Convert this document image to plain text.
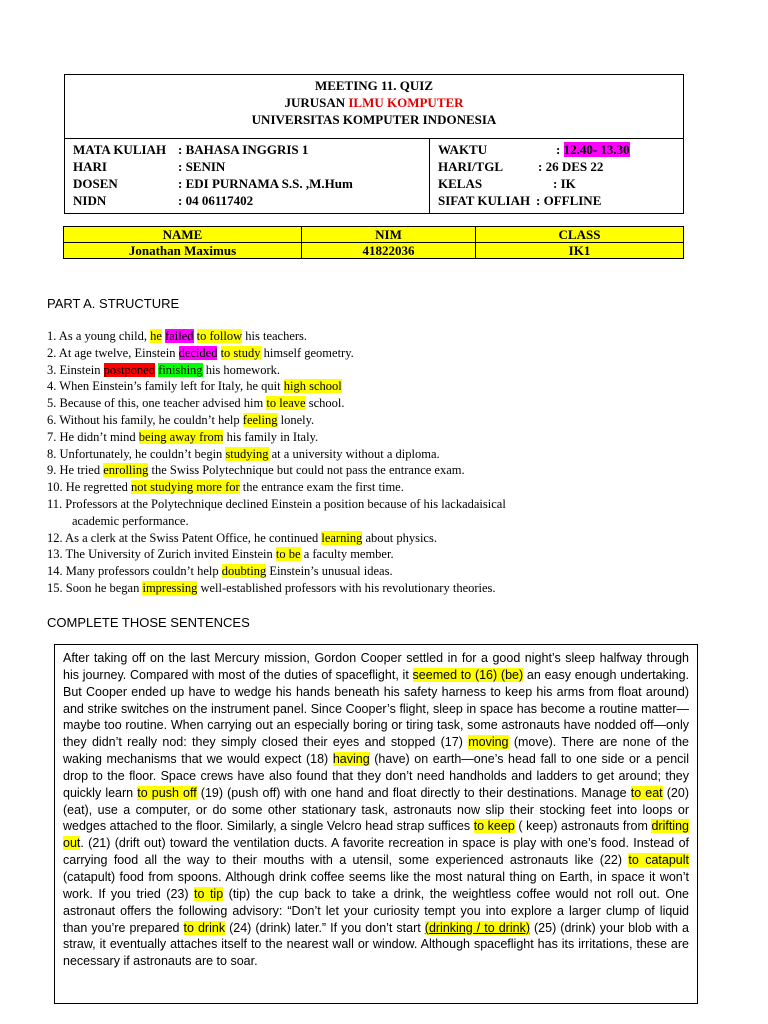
MEETING 11. QUIZ
JURUSAN ILMU KOMPUTER
UNIVERSITAS KOMPUTER INDONESIA
MATA KULIAH : BAHASA INGGRIS 1
HARI	: SENIN
DOSEN	: EDI PURNAMA S.S. ,M.Hum
NIDN	: 04 06117402
WAKTU	: 12.40- 13.30
HARI/TGL	: 26 DES 22
KELAS	: IK
SIFAT KULIAH : OFFLINE
NAME	NIM	CLASS
Jonathan Maximus	41822036	IK1
PART A. STRUCTURE
1. As a young child, he failed to follow his teachers.
2. At age twelve, Einstein decided to study himself geometry.
3. Einstein postponed finishing his homework.
4. When Einstein’s family left for Italy, he quit high school
5. Because of this, one teacher advised him to leave school.
6. Without his family, he couldn’t help feeling lonely.
7. He didn’t mind being away from his family in Italy.
8. Unfortunately, he couldn’t begin studying at a university without a diploma.
9. He tried enrolling the Swiss Polytechnique but could not pass the entrance exam.
10. He regretted not studying more for the entrance exam the first time.
11. Professors at the Polytechnique declined Einstein a position because of his lackadaisical
academic performance.
12. As a clerk at the Swiss Patent Office, he continued learning about physics.
13. The University of Zurich invited Einstein to be a faculty member.
14. Many professors couldn’t help doubting Einstein’s unusual ideas.
15. Soon he began impressing well-established professors with his revolutionary theories.
COMPLETE THOSE SENTENCES

After taking off on the last Mercury mission, Gordon Cooper settled in for a good night’s sleep halfway through his journey. Compared with most of the duties of spaceflight, it seemed to (16) (be) an easy enough undertaking. But Cooper ended up have to wedge his hands beneath his safety harness to keep his arms from float around) and strike switches on the instrument panel. Since Cooper’s flight, sleep in space has become a routine matter—maybe too routine. When carrying out an especially boring or tiring task, some astronauts have nodded off—only they didn’t really nod: they simply closed their eyes and stopped (17) moving (move). There are none of the waking mechanisms that we would expect (18) having (have) on earth—one’s head fall to one side or a pencil drop to the floor. Space crews have also found that they don’t need handholds and ladders to get around; they quickly learn to push off (19) (push off) with one hand and float directly to their destinations. Manage to eat (20) (eat), use a computer, or do some other stationary task, astronauts now slip their stocking feet into loops or wedges attached to the floor. Similarly, a single Velcro head strap suffices to keep ( keep) astronauts from drifting out. (21) (drift out) toward the ventilation ducts. A favorite recreation in space is play with one’s food. Instead of carrying food all the way to their mouths with a utensil, some experienced astronauts like (22) to catapult (catapult) food from spoons. Although drink coffee seems like the most natural thing on Earth, in space it won’t work. If you tried (23) to tip (tip) the cup back to take a drink, the weightless coffee would not roll out. One astronaut offers the following advisory: “Don’t let your curiosity tempt you into explore a larger clump of liquid than you’re prepared to drink (24) (drink) later.” If you don’t start (drinking / to drink) (25) (drink) your blob with a straw, it eventually attaches itself to the nearest wall or window. Although spaceflight has its irritations, these are necessary if astronauts are to soar.
